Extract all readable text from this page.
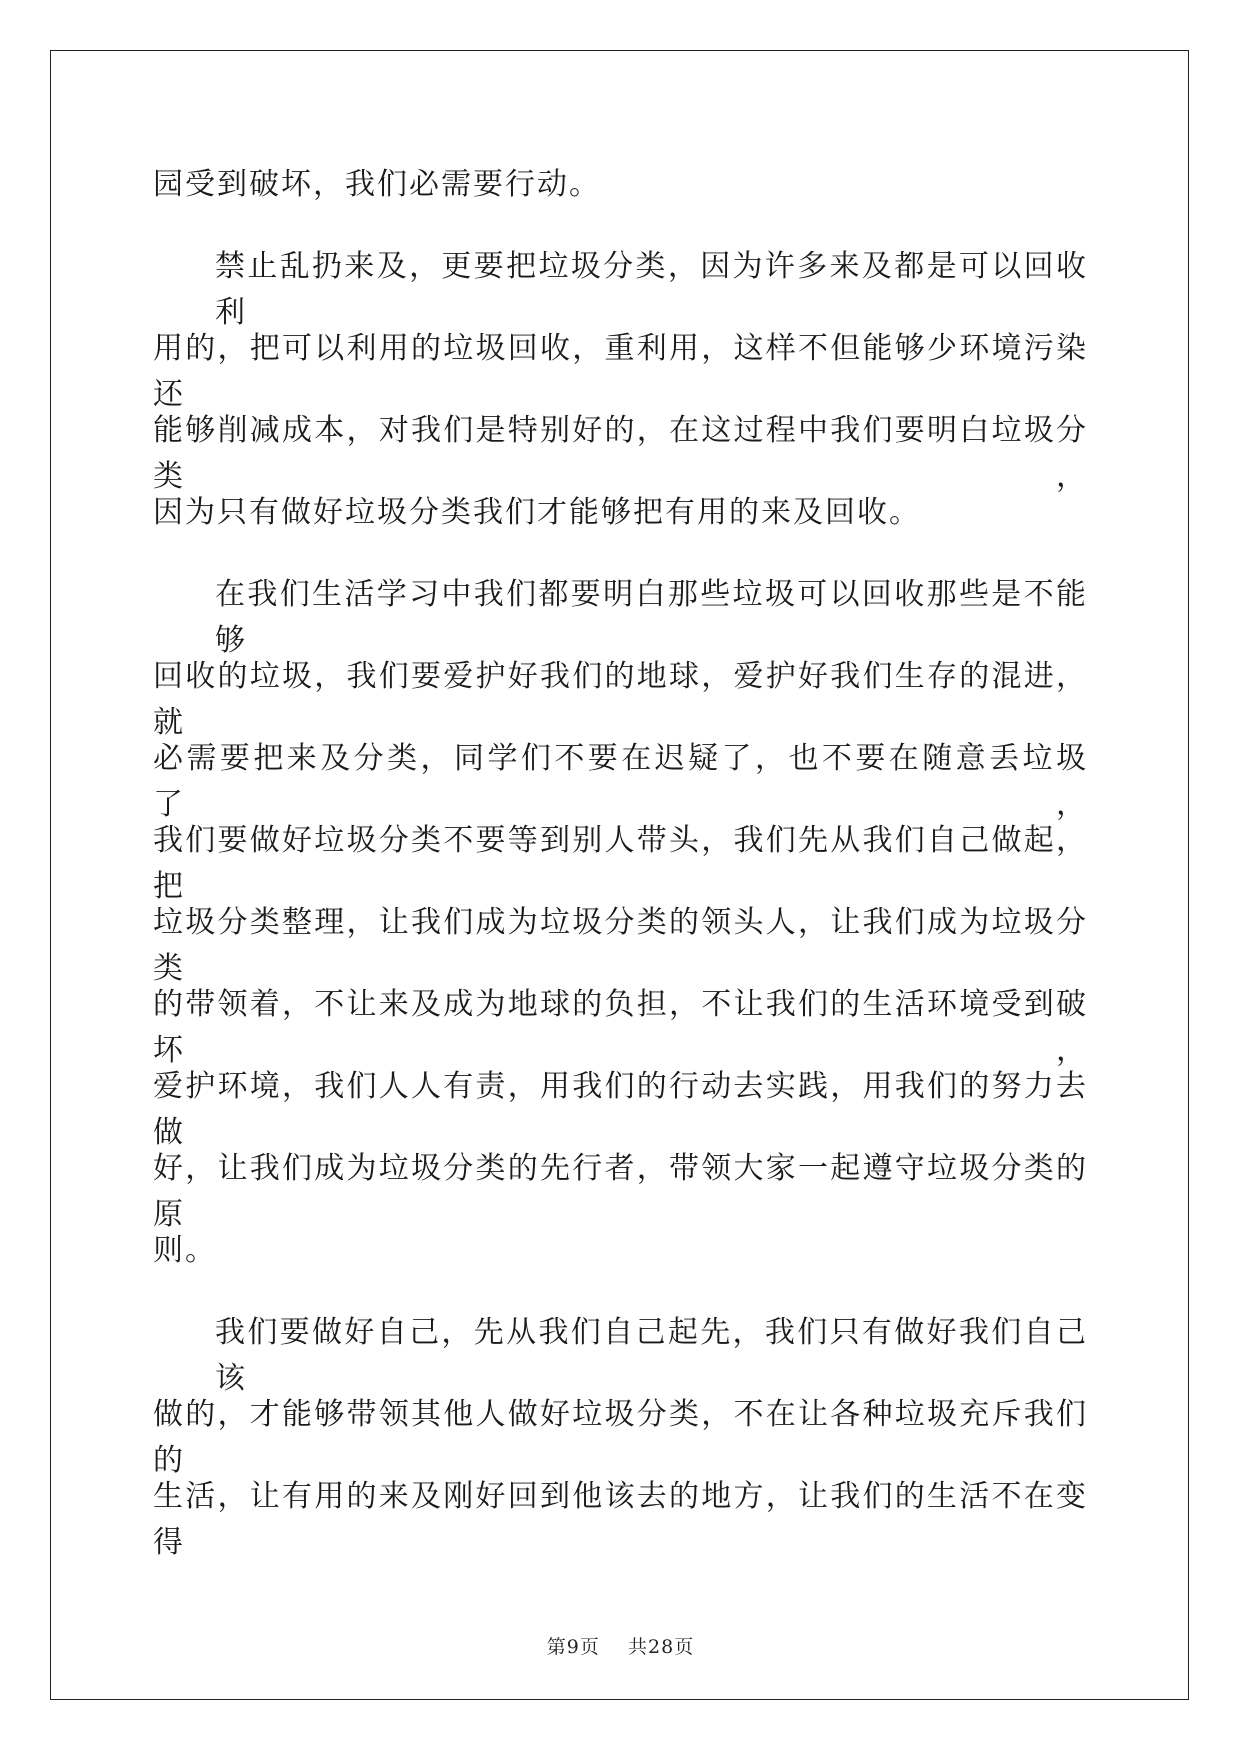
园受到破坏，我们必需要行动。
禁止乱扔来及，更要把垃圾分类，因为许多来及都是可以回收利
用的，把可以利用的垃圾回收，重利用，这样不但能够少环境污染还
能够削减成本，对我们是特别好的，在这过程中我们要明白垃圾分类，
因为只有做好垃圾分类我们才能够把有用的来及回收。
在我们生活学习中我们都要明白那些垃圾可以回收那些是不能够
回收的垃圾，我们要爱护好我们的地球，爱护好我们生存的混进，就
必需要把来及分类，同学们不要在迟疑了，也不要在随意丢垃圾了，
我们要做好垃圾分类不要等到别人带头，我们先从我们自己做起，把
垃圾分类整理，让我们成为垃圾分类的领头人，让我们成为垃圾分类
的带领着，不让来及成为地球的负担，不让我们的生活环境受到破坏，
爱护环境，我们人人有责，用我们的行动去实践，用我们的努力去做
好，让我们成为垃圾分类的先行者，带领大家一起遵守垃圾分类的原
则。
我们要做好自己，先从我们自己起先，我们只有做好我们自己该
做的，才能够带领其他人做好垃圾分类，不在让各种垃圾充斥我们的
生活，让有用的来及刚好回到他该去的地方，让我们的生活不在变得
第9页 共28页
